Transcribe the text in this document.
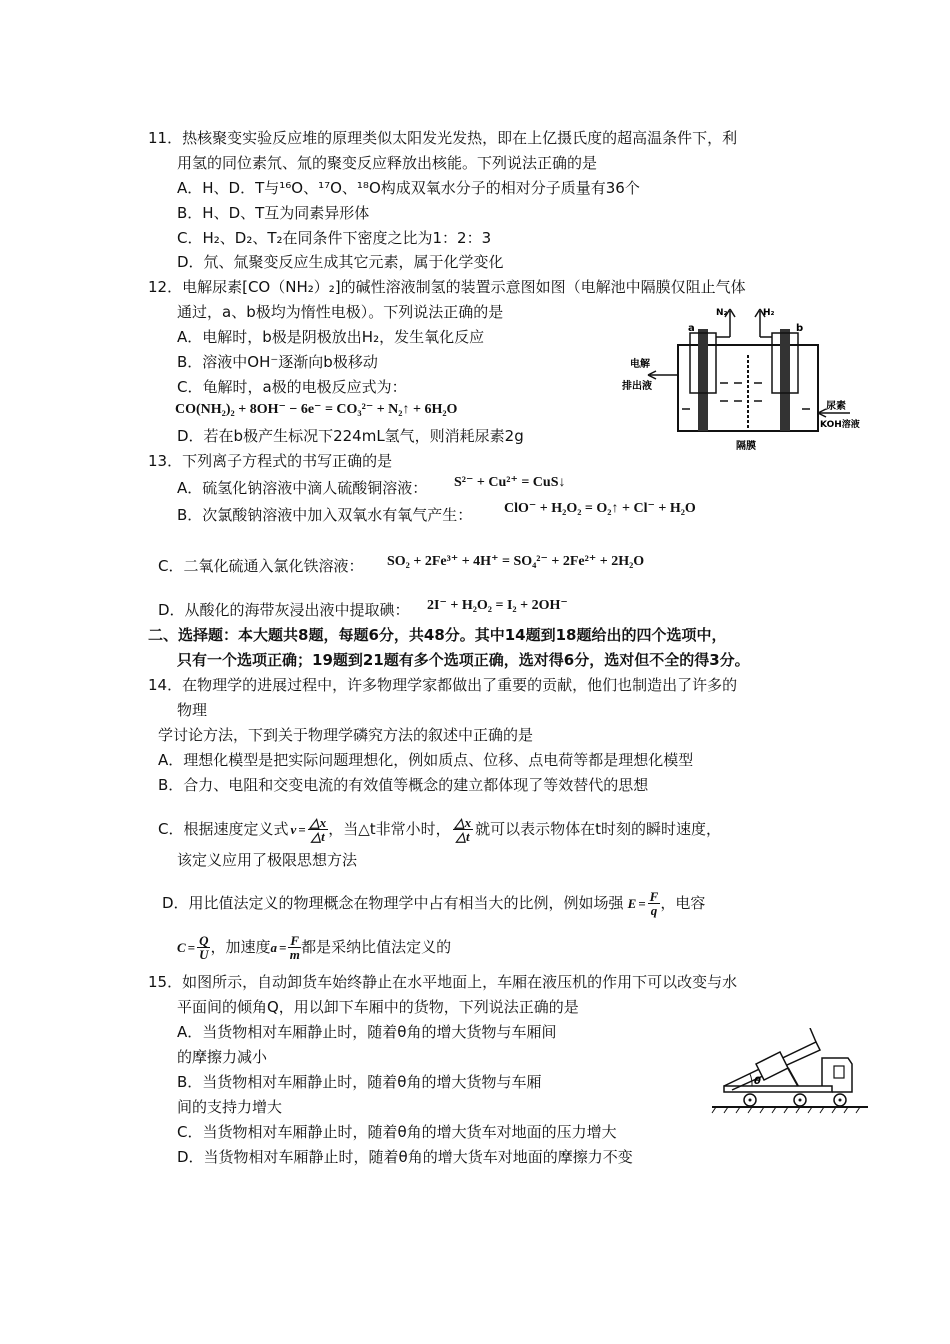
11．热核聚变实验反应堆的原理类似太阳发光发热，即在上亿摄氏度的超高温条件下，利
用氢的同位素氘、氚的聚变反应释放出核能。下列说法正确的是
A．H、D．T与¹⁶O、¹⁷O、¹⁸O构成双氧水分子的相对分子质量有36个
B．H、D、T互为同素异形体
C．H₂、D₂、T₂在同条件下密度之比为1：2：3
D．氘、氚聚变反应生成其它元素，属于化学变化
12．电解尿素[CO（NH₂）₂]的碱性溶液制氢的装置示意图如图（电解池中隔膜仅阻止气体
通过，a、b极均为惰性电极）。下列说法正确的是
A．电解时，b极是阴极放出H₂，发生氧化反应
B．溶液中OH⁻逐渐向b极移动
C．龟解时，a极的电极反应式为：
CO(NH₂)₂ + 8OH⁻ − 6e⁻ = CO₃²⁻ + N₂↑ + 6H₂O
D．若在b极产生标况下224mL氢气，则消耗尿素2g
a	b
N₂	H₂
电解
排出液
尿素
KOH溶液
隔膜
13．下列离子方程式的书写正确的是
A．硫氢化钠溶液中滴人硫酸铜溶液： S²⁻ + Cu²⁺ = CuS↓
B．次氯酸钠溶液中加入双氧水有氧气产生： ClO⁻ + H₂O₂ = O₂↑ + Cl⁻ + H₂O
C．二氧化硫通入氯化铁溶液： SO₂ + 2Fe³⁺ + 4H⁺ = SO₄²⁻ + 2Fe²⁺ + 2H₂O
D．从酸化的海带灰浸出液中提取碘： 2I⁻ + H₂O₂ = I₂ + 2OH⁻
二、选择题：本大题共8题，每题6分，共48分。其中14题到18题给出的四个选项中，
只有一个选项正确；19题到21题有多个选项正确，选对得6分，选对但不全的得3分。
14．在物理学的进展过程中，许多物理学家都做出了重要的贡献，他们也制造出了许多的
物理
学讨论方法，下到关于物理学磷究方法的叙述中正确的是
A．理想化模型是把实际问题理想化，例如质点、位移、点电荷等都是理想化模型
B．合力、电阻和交变电流的有效值等概念的建立都体现了等效替代的思想
C．根据速度定义式 $v = \frac{\triangle x}{\triangle t}$ ，当△t非常小时， $\frac{\triangle x}{\triangle t}$ 就可以表示物体在t时刻的瞬时速度，
该定义应用了极限思想方法
D．用比值法定义的物理概念在物理学中占有相当大的比例，例如场强 $E = \frac{F}{q}$ ，电容
$C = \frac{Q}{U}$ ，加速度 $a = \frac{F}{m}$ 都是采纳比值法定义的
15．如图所示，自动卸货车始终静止在水平地面上，车厢在液压机的作用下可以改变与水
平面间的倾角Q，用以卸下车厢中的货物，下列说法正确的是
A．当货物相对车厢静止时，随着θ角的增大货物与车厢间
的摩擦力减小
B．当货物相对车厢静止时，随着θ角的增大货物与车厢
间的支持力增大
C．当货物相对车厢静止时，随着θ角的增大货车对地面的压力增大
D．当货物相对车厢静止时，随着θ角的增大货车对地面的摩擦力不变
θ
